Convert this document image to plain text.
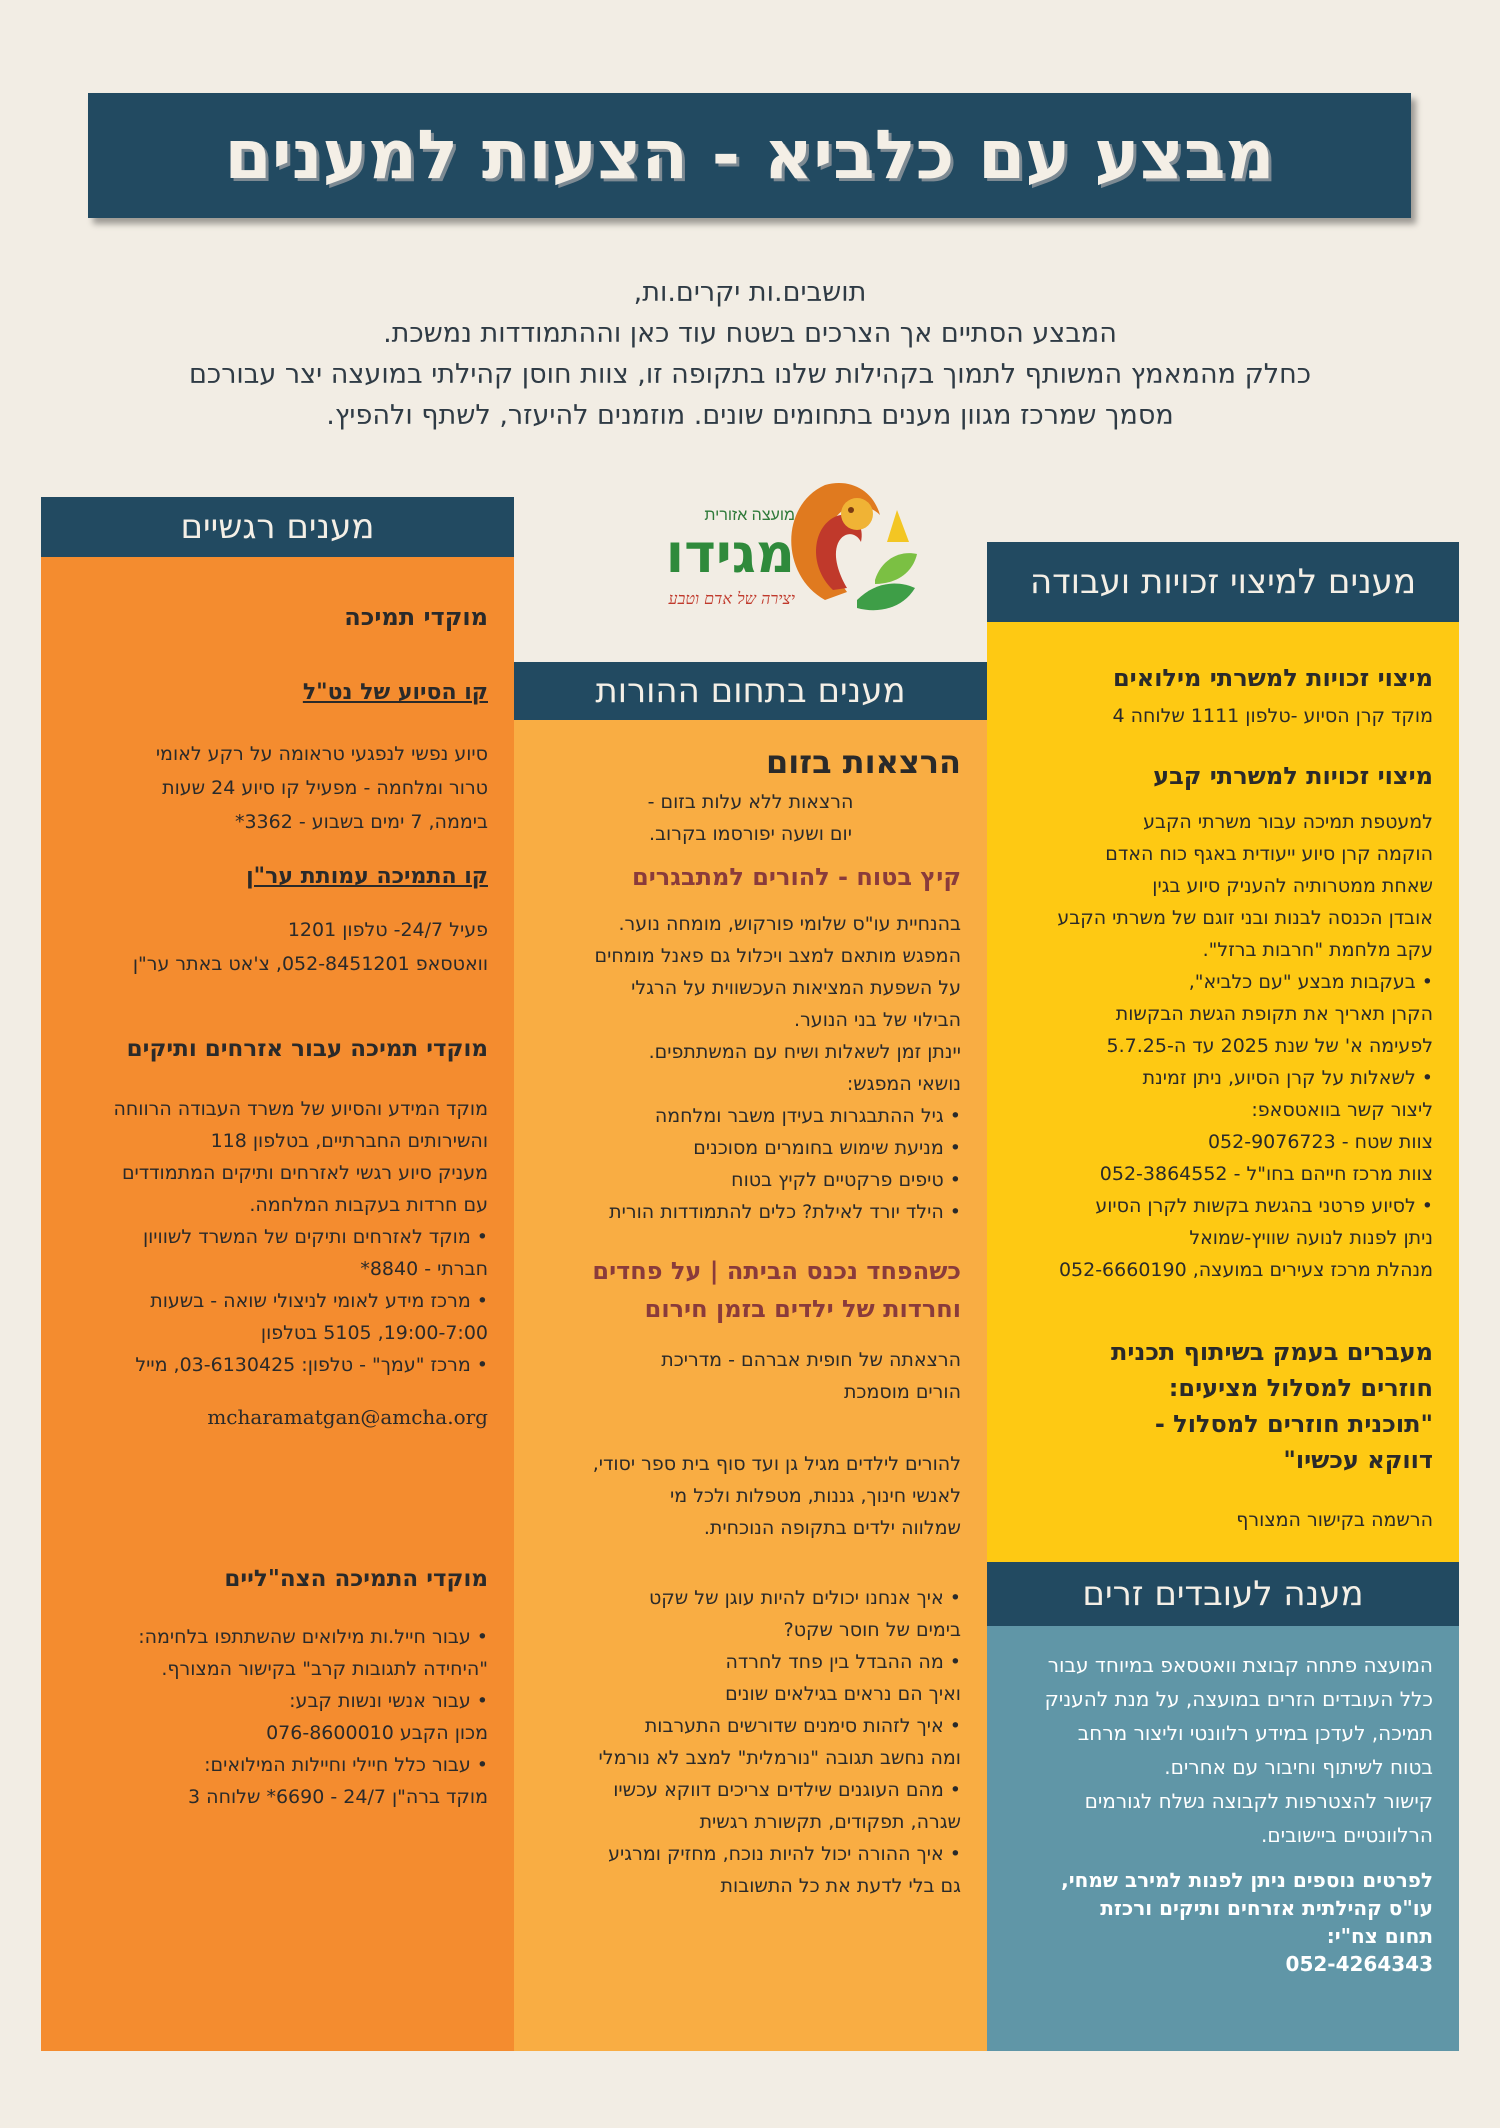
מבצע עם כלביא - הצעות למענים

תושבים.ות יקרים.ות,

המבצע הסתיים אך הצרכים בשטח עוד כאן וההתמודדות נמשכת.

כחלק מהמאמץ המשותף לתמוך בקהילות שלנו בתקופה זו, צוות חוסן קהילתי במועצה יצר עבורכם

מסמך שמרכז מגוון מענים בתחומים שונים. מוזמנים להיעזר, לשתף ולהפיץ.

מועצה אזורית
מגידו
יצירה של אדם וטבע	מענים למיצוי זכויות ועבודה

מיצוי זכויות למשרתי מילואים

מוקד קרן הסיוע -טלפון 1111 שלוחה 4

מיצוי זכויות למשרתי קבע

למעטפת תמיכה עבור משרתי הקבע
הוקמה קרן סיוע ייעודית באגף כוח האדם
שאחת ממטרותיה להעניק סיוע בגין
אובדן הכנסה לבנות ובני זוגם של משרתי הקבע
עקב מלחמת "חרבות ברזל".

• בעקבות מבצע "עם כלביא",
הקרן תאריך את תקופת הגשת הבקשות
לפעימה א' של שנת 2025 עד ה-5.7.25
• לשאלות על קרן הסיוע, ניתן זמינת
ליצור קשר בוואטסאפ:
צוות שטח - 052-9076723
צוות מרכז חייהם בחו"ל - 052-3864552
• לסיוע פרטני בהגשת בקשות לקרן הסיוע
ניתן לפנות לנועה שוויץ-שמואל
מנהלת מרכז צעירים במועצה, 052-6660190

מעברים בעמק בשיתוף תכנית
חוזרים למסלול מציעים:
"תוכנית חוזרים למסלול -
דווקא עכשיו"

הרשמה בקישור המצורף

מענה לעובדים זרים

המועצה פתחה קבוצת וואטסאפ במיוחד עבור
כלל העובדים הזרים במועצה, על מנת להעניק
תמיכה, לעדכן במידע רלוונטי וליצור מרחב
בטוח לשיתוף וחיבור עם אחרים.
קישור להצטרפות לקבוצה נשלח לגורמים
הרלוונטיים ביישובים.

לפרטים נוספים ניתן לפנות למירב שמחי,
עו"ס קהילתית אזרחים ותיקים ורכזת
תחום צח"י:
052-4264343

מענים בתחום ההורות

הרצאות בזום

הרצאות ללא עלות בזום -
יום ושעה יפורסמו בקרוב.

קיץ בטוח - להורים למתבגרים

בהנחיית עו"ס שלומי פורקוש, מומחה נוער.
המפגש מותאם למצב ויכלול גם פאנל מומחים
על השפעת המציאות העכשווית על הרגלי
הבילוי של בני הנוער.
יינתן זמן לשאלות ושיח עם המשתתפים.
נושאי המפגש:

• גיל ההתבגרות בעידן משבר ומלחמה
• מניעת שימוש בחומרים מסוכנים
• טיפים פרקטיים לקיץ בטוח
• הילד יורד לאילת? כלים להתמודדות הורית

כשהפחד נכנס הביתה | על פחדים
וחרדות של ילדים בזמן חירום

הרצאתה של חופית אברהם - מדריכת
הורים מוסמכת

להורים לילדים מגיל גן ועד סוף בית ספר יסודי,
לאנשי חינוך, גננות, מטפלות ולכל מי
שמלווה ילדים בתקופה הנוכחית.

• איך אנחנו יכולים להיות עוגן של שקט
בימים של חוסר שקט?
• מה ההבדל בין פחד לחרדה
ואיך הם נראים בגילאים שונים
• איך לזהות סימנים שדורשים התערבות
ומה נחשב תגובה "נורמלית" למצב לא נורמלי
• מהם העוגנים שילדים צריכים דווקא עכשיו
שגרה, תפקודים, תקשורת רגשית
• איך ההורה יכול להיות נוכח, מחזיק ומרגיע
גם בלי לדעת את כל התשובות
מענים רגשיים

מוקדי תמיכה

קו הסיוע של נט"ל

סיוע נפשי לנפגעי טראומה על רקע לאומי
טרור ומלחמה - מפעיל קו סיוע 24 שעות
ביממה, 7 ימים בשבוע - 3362*

קו התמיכה עמותת ער"ן

פעיל 24/7- טלפון 1201
וואטסאפ 052-8451201, צ'אט באתר ער"ן

מוקדי תמיכה עבור אזרחים ותיקים

מוקד המידע והסיוע של משרד העבודה הרווחה
והשירותים החברתיים, בטלפון 118
מעניק סיוע רגשי לאזרחים ותיקים המתמודדים
עם חרדות בעקבות המלחמה.

• מוקד לאזרחים ותיקים של המשרד לשוויון
חברתי - 8840*
• מרכז מידע לאומי לניצולי שואה - בשעות
19:00-7:00, 5105 בטלפון
• מרכז "עמך" - טלפון: 03-6130425, מייל

mcharamatgan@amcha.org

מוקדי התמיכה הצה"ליים

• עבור חייל.ות מילואים שהשתתפו בלחימה:
"היחידה לתגובות קרב" בקישור המצורף.
• עבור אנשי ונשות קבע:
מכון הקבע 076-8600010
• עבור כלל חיילי וחיילות המילואים:
מוקד ברה"ן 24/7 - 6690* שלוחה 3
